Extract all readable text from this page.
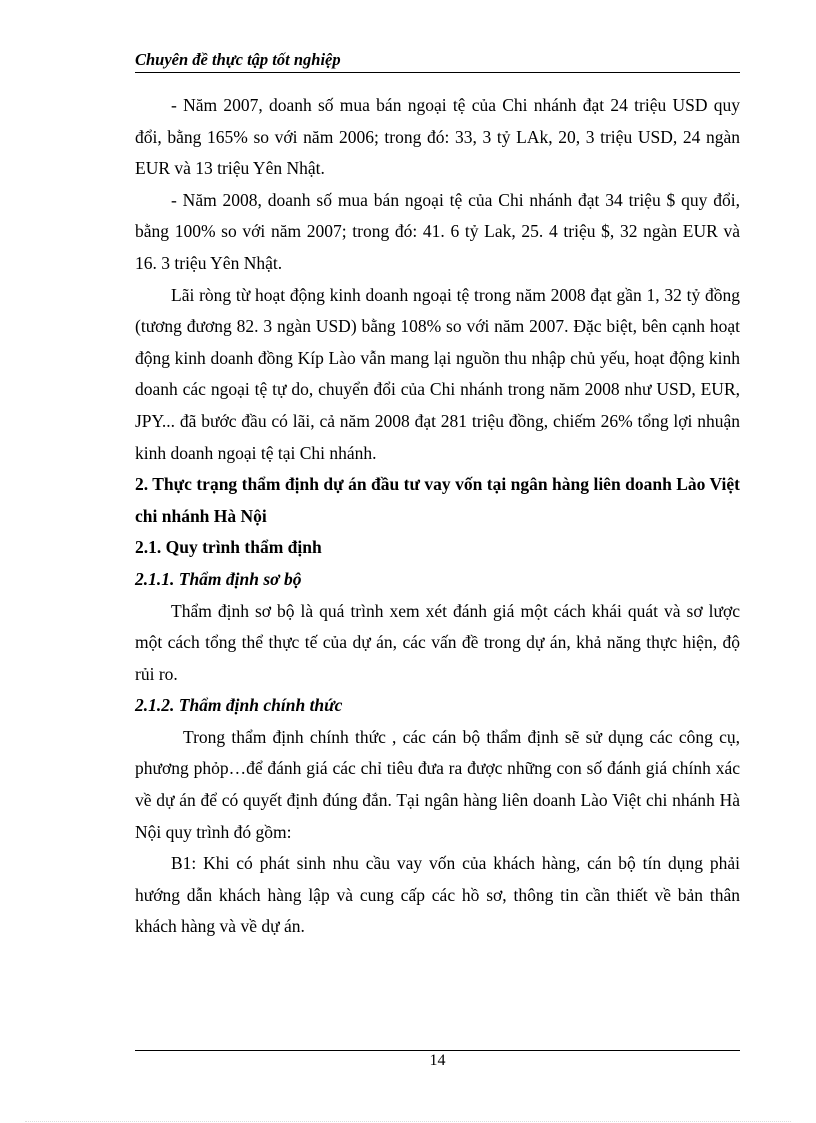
Chuyên đề thực tập tốt nghiệp

- Năm 2007, doanh số mua bán ngoại tệ của Chi nhánh đạt 24 triệu USD quy đổi, bằng 165% so với năm 2006; trong đó: 33, 3 tỷ LAk, 20, 3 triệu USD, 24 ngàn EUR và 13 triệu Yên Nhật.

- Năm 2008, doanh số mua bán ngoại tệ của Chi nhánh đạt 34 triệu $ quy đổi, bằng 100% so với năm 2007; trong đó: 41. 6 tỷ Lak, 25. 4 triệu $, 32 ngàn EUR và 16. 3 triệu Yên Nhật.

Lãi ròng từ hoạt động kinh doanh ngoại tệ trong năm 2008 đạt gần 1, 32 tỷ đồng (tương đương 82. 3 ngàn USD) bằng 108% so với năm 2007. Đặc biệt, bên cạnh hoạt động kinh doanh đồng Kíp Lào vẫn mang lại nguồn thu nhập chủ yếu, hoạt động kinh doanh các ngoại tệ tự do, chuyển đổi của Chi nhánh trong năm 2008 như USD, EUR, JPY... đã bước đầu có lãi, cả năm 2008 đạt 281 triệu đồng, chiếm 26% tổng lợi nhuận kinh doanh ngoại tệ tại Chi nhánh.

2. Thực trạng thẩm định dự án đầu tư vay vốn tại ngân hàng liên doanh Lào Việt chi nhánh Hà Nội

2.1. Quy trình thẩm định

2.1.1. Thẩm định sơ bộ

Thẩm định sơ bộ là quá trình xem xét đánh giá một cách khái quát và sơ lược một cách tổng thể thực tế của dự án, các vấn đề trong dự án, khả năng thực hiện, độ rủi ro.

2.1.2. Thẩm định chính thức

Trong thẩm định chính thức , các cán bộ thẩm định sẽ sử dụng các công cụ, phương phỏp…để đánh giá các chỉ tiêu đưa ra được những con số đánh giá chính xác về dự án để có quyết định đúng đắn. Tại ngân hàng liên doanh Lào Việt chi nhánh Hà Nội quy trình đó gồm:

B1: Khi có phát sinh nhu cầu vay vốn của khách hàng, cán bộ tín dụng phải hướng dẫn khách hàng lập và cung cấp các hồ sơ, thông tin cần thiết về bản thân khách hàng và về dự án.

14
